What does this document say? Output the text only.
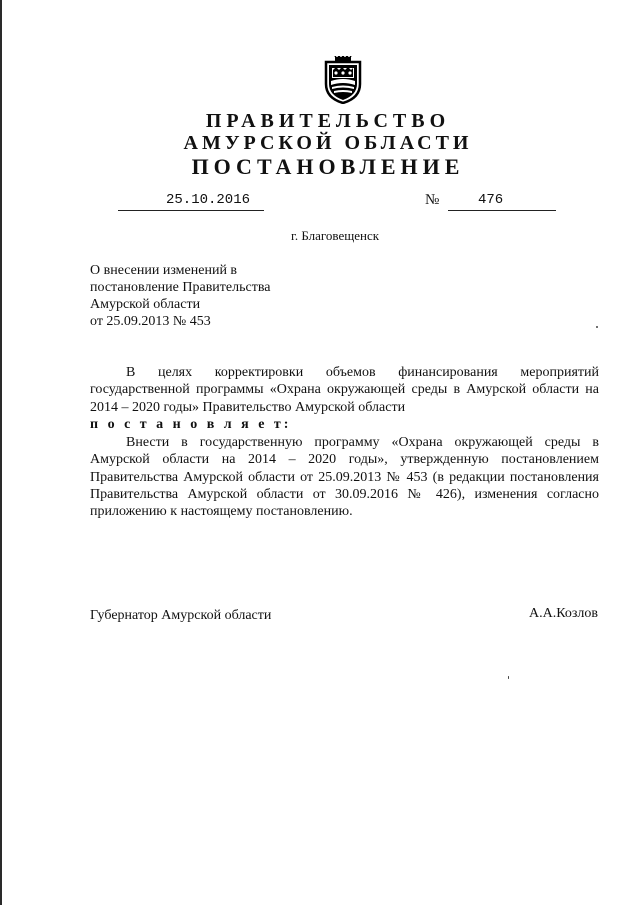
ПРАВИТЕЛЬСТВО
АМУРСКОЙ ОБЛАСТИ
ПОСТАНОВЛЕНИЕ
25.10.2016	№	476
г. Благовещенск
О внесении изменений в
постановление Правительства
Амурской области
от 25.09.2013 № 453
В целях корректировки объемов финансирования мероприятий государственной программы «Охрана окружающей среды в Амурской области на 2014 – 2020 годы» Правительство Амурской области
п о с т а н о в л я е т:
Внести в государственную программу «Охрана окружающей среды в Амурской области на 2014 – 2020 годы», утвержденную постановлением Правительства Амурской области от 25.09.2013 № 453 (в редакции постановления Правительства Амурской области от 30.09.2016 № 426), изменения согласно приложению к настоящему постановлению.
Губернатор Амурской области	А.А.Козлов
